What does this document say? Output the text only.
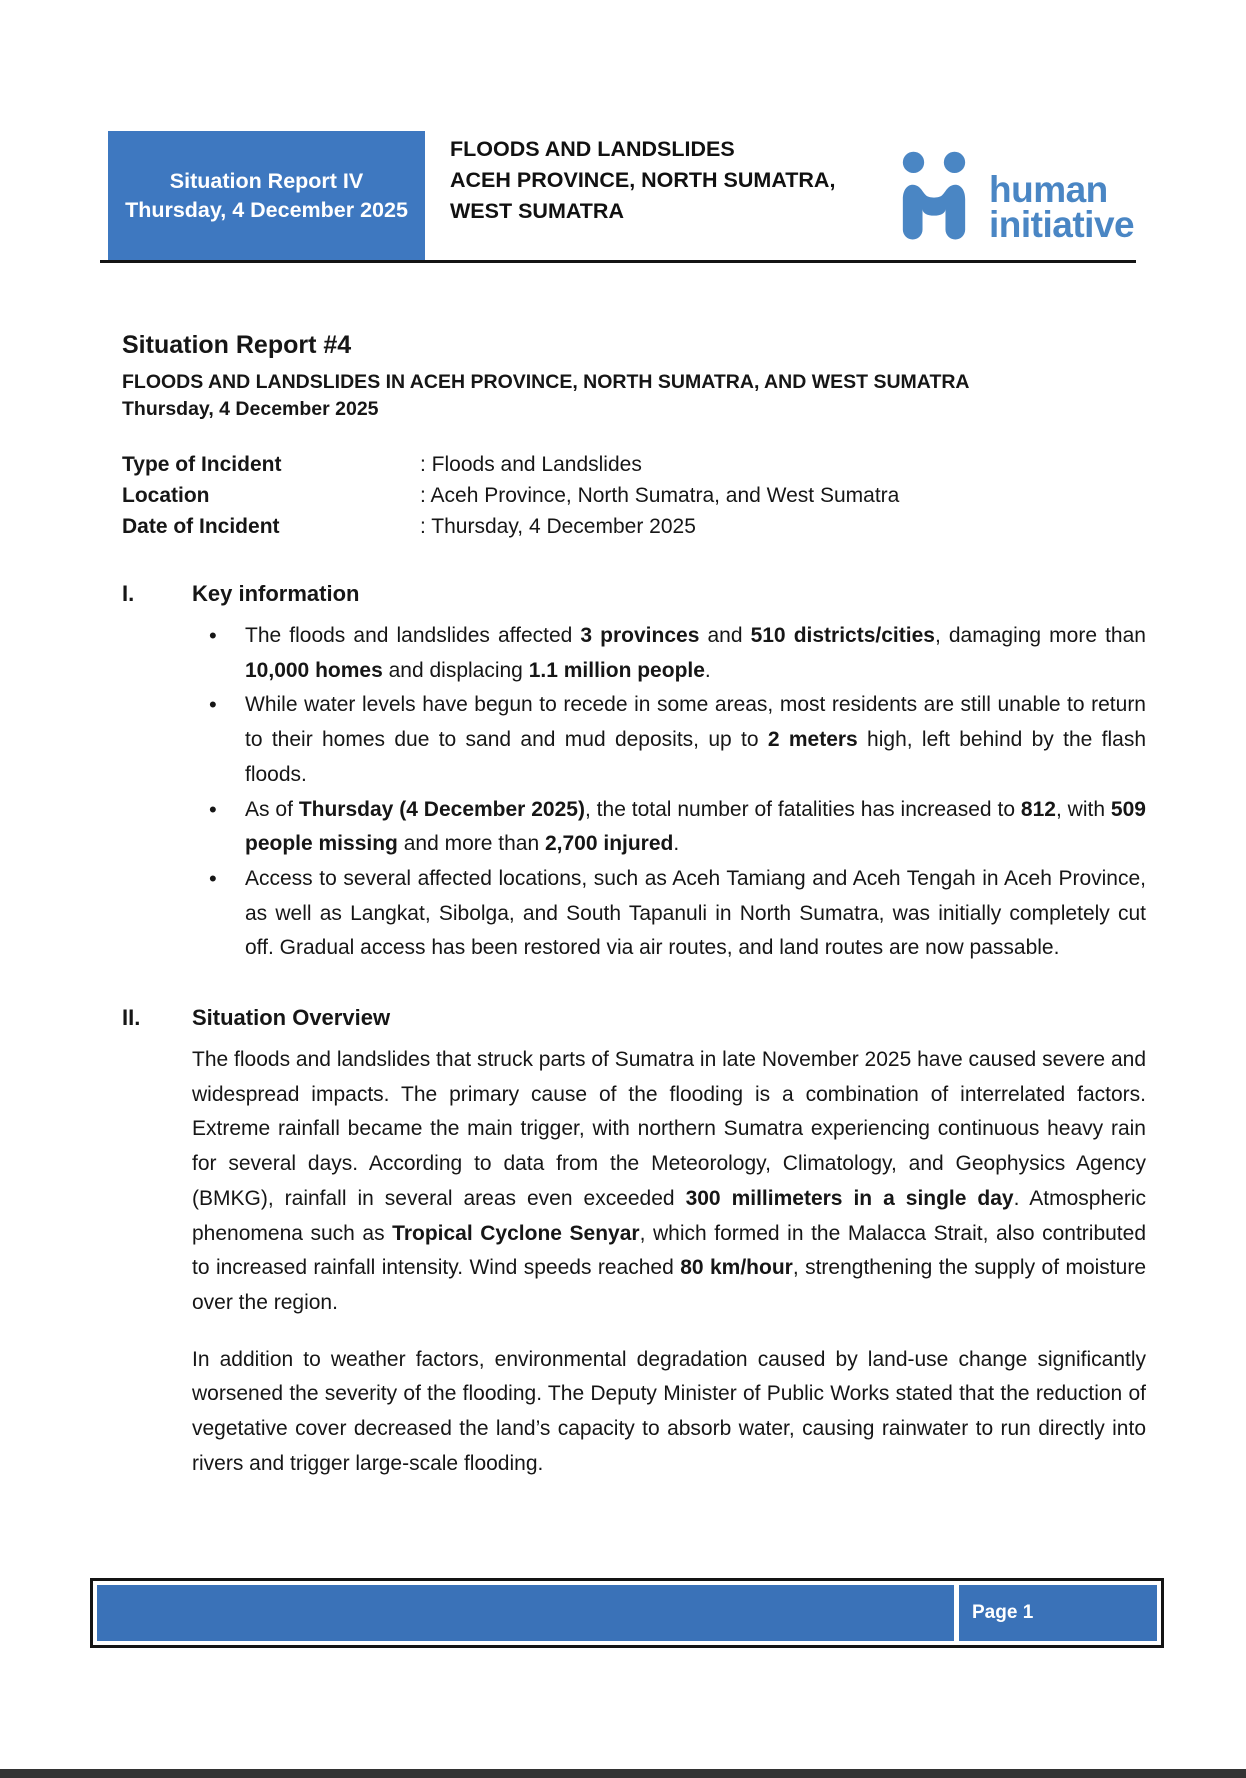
Situation Report IV
Thursday, 4 December 2025
FLOODS AND LANDSLIDES
ACEH PROVINCE, NORTH SUMATRA,
WEST SUMATRA
human
initiative

Situation Report #4

FLOODS AND LANDSLIDES IN ACEH PROVINCE, NORTH SUMATRA, AND WEST SUMATRA

Thursday, 4 December 2025

Type of Incident	: Floods and Landslides
Location	: Aceh Province, North Sumatra, and West Sumatra
Date of Incident	: Thursday, 4 December 2025
I.	Key information
• The floods and landslides affected 3 provinces and 510 districts/cities, damaging more than 10,000 homes and displacing 1.1 million people.
• While water levels have begun to recede in some areas, most residents are still unable to return to their homes due to sand and mud deposits, up to 2 meters high, left behind by the flash floods.
• As of Thursday (4 December 2025), the total number of fatalities has increased to 812, with 509 people missing and more than 2,700 injured.
• Access to several affected locations, such as Aceh Tamiang and Aceh Tengah in Aceh Province, as well as Langkat, Sibolga, and South Tapanuli in North Sumatra, was initially completely cut off. Gradual access has been restored via air routes, and land routes are now passable.
II.	Situation Overview

The floods and landslides that struck parts of Sumatra in late November 2025 have caused severe and widespread impacts. The primary cause of the flooding is a combination of interrelated factors. Extreme rainfall became the main trigger, with northern Sumatra experiencing continuous heavy rain for several days. According to data from the Meteorology, Climatology, and Geophysics Agency (BMKG), rainfall in several areas even exceeded 300 millimeters in a single day. Atmospheric phenomena such as Tropical Cyclone Senyar, which formed in the Malacca Strait, also contributed to increased rainfall intensity. Wind speeds reached 80 km/hour, strengthening the supply of moisture over the region.

In addition to weather factors, environmental degradation caused by land-use change significantly worsened the severity of the flooding. The Deputy Minister of Public Works stated that the reduction of vegetative cover decreased the land’s capacity to absorb water, causing rainwater to run directly into rivers and trigger large-scale flooding.

Page 1
